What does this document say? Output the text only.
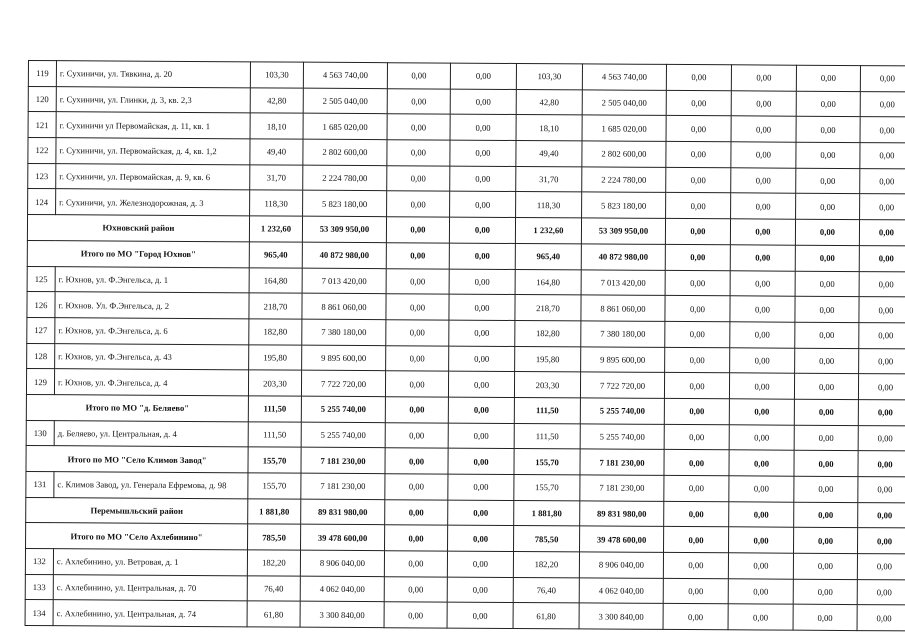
119	г. Сухиничи, ул. Тявкина, д. 20	103,30	4 563 740,00	0,00	0,00	103,30	4 563 740,00	0,00	0,00	0,00	0,00
120	г. Сухиничи, ул. Глинки, д. 3, кв. 2,3	42,80	2 505 040,00	0,00	0,00	42,80	2 505 040,00	0,00	0,00	0,00	0,00
121	г. Сухиничи ул Первомайская, д. 11, кв. 1	18,10	1 685 020,00	0,00	0,00	18,10	1 685 020,00	0,00	0,00	0,00	0,00
122	г. Сухиничи, ул. Первомайская, д. 4, кв. 1,2	49,40	2 802 600,00	0,00	0,00	49,40	2 802 600,00	0,00	0,00	0,00	0,00
123	г. Сухиничи, ул. Первомайская, д. 9, кв. 6	31,70	2 224 780,00	0,00	0,00	31,70	2 224 780,00	0,00	0,00	0,00	0,00
124	г. Сухиничи, ул. Железнодорожная, д. 3	118,30	5 823 180,00	0,00	0,00	118,30	5 823 180,00	0,00	0,00	0,00	0,00
Юхновский район		1 232,60	53 309 950,00	0,00	0,00	1 232,60	53 309 950,00	0,00	0,00	0,00	0,00
Итого по МО "Город Юхнов"		965,40	40 872 980,00	0,00	0,00	965,40	40 872 980,00	0,00	0,00	0,00	0,00
125	г. Юхнов, ул. Ф.Энгельса, д. 1	164,80	7 013 420,00	0,00	0,00	164,80	7 013 420,00	0,00	0,00	0,00	0,00
126	г. Юхнов. Ул. Ф.Энгельса, д. 2	218,70	8 861 060,00	0,00	0,00	218,70	8 861 060,00	0,00	0,00	0,00	0,00
127	г. Юхнов, ул. Ф.Энгельса, д. 6	182,80	7 380 180,00	0,00	0,00	182,80	7 380 180,00	0,00	0,00	0,00	0,00
128	г. Юхнов, ул. Ф.Энгельса, д. 43	195,80	9 895 600,00	0,00	0,00	195,80	9 895 600,00	0,00	0,00	0,00	0,00
129	г. Юхнов, ул. Ф.Энгельса, д. 4	203,30	7 722 720,00	0,00	0,00	203,30	7 722 720,00	0,00	0,00	0,00	0,00
Итого по МО "д. Беляево"		111,50	5 255 740,00	0,00	0,00	111,50	5 255 740,00	0,00	0,00	0,00	0,00
130	д. Беляево, ул. Центральная, д. 4	111,50	5 255 740,00	0,00	0,00	111,50	5 255 740,00	0,00	0,00	0,00	0,00
Итого по МО "Село Климов Завод"		155,70	7 181 230,00	0,00	0,00	155,70	7 181 230,00	0,00	0,00	0,00	0,00
131	с. Климов Завод, ул. Генерала Ефремова, д. 98	155,70	7 181 230,00	0,00	0,00	155,70	7 181 230,00	0,00	0,00	0,00	0,00
Перемышльский район		1 881,80	89 831 980,00	0,00	0,00	1 881,80	89 831 980,00	0,00	0,00	0,00	0,00
Итого по МО "Село Ахлебинино"		785,50	39 478 600,00	0,00	0,00	785,50	39 478 600,00	0,00	0,00	0,00	0,00
132	с. Ахлебинино, ул. Ветровая, д. 1	182,20	8 906 040,00	0,00	0,00	182,20	8 906 040,00	0,00	0,00	0,00	0,00
133	с. Ахлебинино, ул. Центральная, д. 70	76,40	4 062 040,00	0,00	0,00	76,40	4 062 040,00	0,00	0,00	0,00	0,00
134	с. Ахлебинино, ул. Центральная, д. 74	61,80	3 300 840,00	0,00	0,00	61,80	3 300 840,00	0,00	0,00	0,00	0,00
